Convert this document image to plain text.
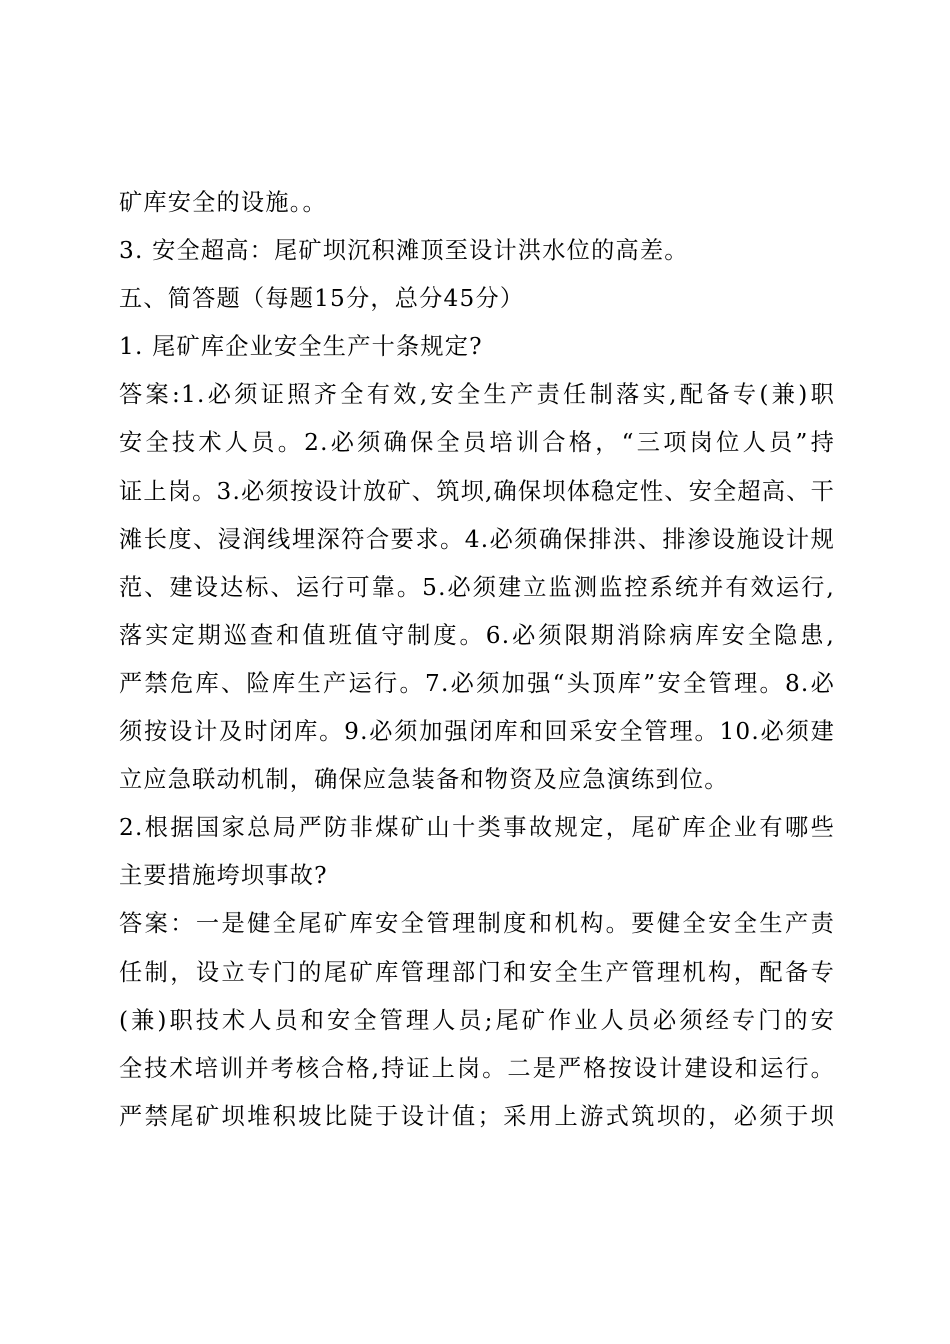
矿库安全的设施。。
3. 安全超高：尾矿坝沉积滩顶至设计洪水位的高差。
五、简答题（每题15分，总分45分）
1. 尾矿库企业安全生产十条规定?
答案:1.必须证照齐全有效,安全生产责任制落实,配备专(兼)职
安全技术人员。2.必须确保全员培训合格，“三项岗位人员”持
证上岗。3.必须按设计放矿、筑坝,确保坝体稳定性、安全超高、干
滩长度、浸润线埋深符合要求。4.必须确保排洪、排渗设施设计规
范、建设达标、运行可靠。5.必须建立监测监控系统并有效运行,
落实定期巡查和值班值守制度。6.必须限期消除病库安全隐患,
严禁危库、险库生产运行。7.必须加强“头顶库”安全管理。8.必
须按设计及时闭库。9.必须加强闭库和回采安全管理。10.必须建
立应急联动机制，确保应急装备和物资及应急演练到位。
2.根据国家总局严防非煤矿山十类事故规定，尾矿库企业有哪些
主要措施垮坝事故?
答案：一是健全尾矿库安全管理制度和机构。要健全安全生产责
任制，设立专门的尾矿库管理部门和安全生产管理机构，配备专
(兼)职技术人员和安全管理人员;尾矿作业人员必须经专门的安
全技术培训并考核合格,持证上岗。二是严格按设计建设和运行。
严禁尾矿坝堆积坡比陡于设计值；采用上游式筑坝的，必须于坝
